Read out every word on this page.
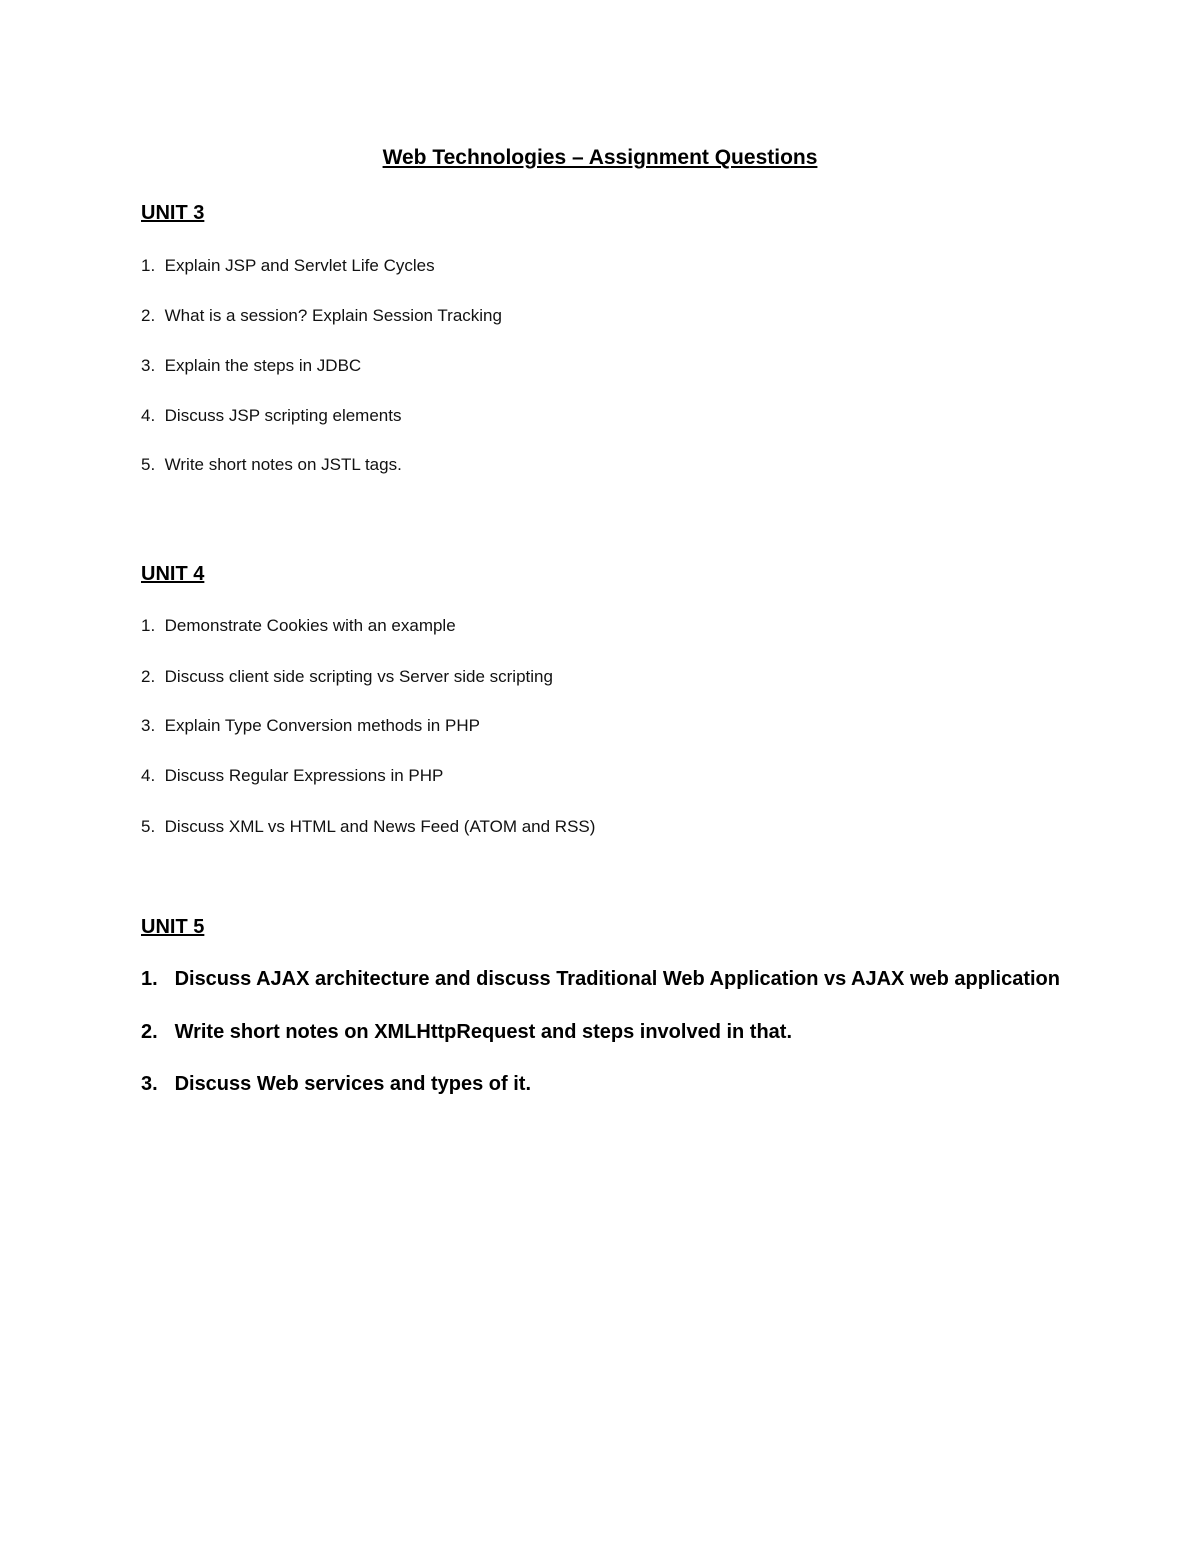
Web Technologies – Assignment Questions
UNIT 3
1.  Explain JSP and Servlet Life Cycles
2.  What is a session? Explain Session Tracking
3.  Explain the steps in JDBC
4.  Discuss JSP scripting elements
5.  Write short notes on JSTL tags.
UNIT 4
1.  Demonstrate Cookies with an example
2.  Discuss client side scripting vs Server side scripting
3.  Explain Type Conversion methods in PHP
4.  Discuss Regular Expressions in PHP
5.  Discuss XML vs HTML and News Feed (ATOM and RSS)
UNIT 5
1. Discuss AJAX architecture and discuss Traditional Web Application vs AJAX web application
2. Write short notes on XMLHttpRequest and steps involved in that.
3. Discuss Web services and types of it.
